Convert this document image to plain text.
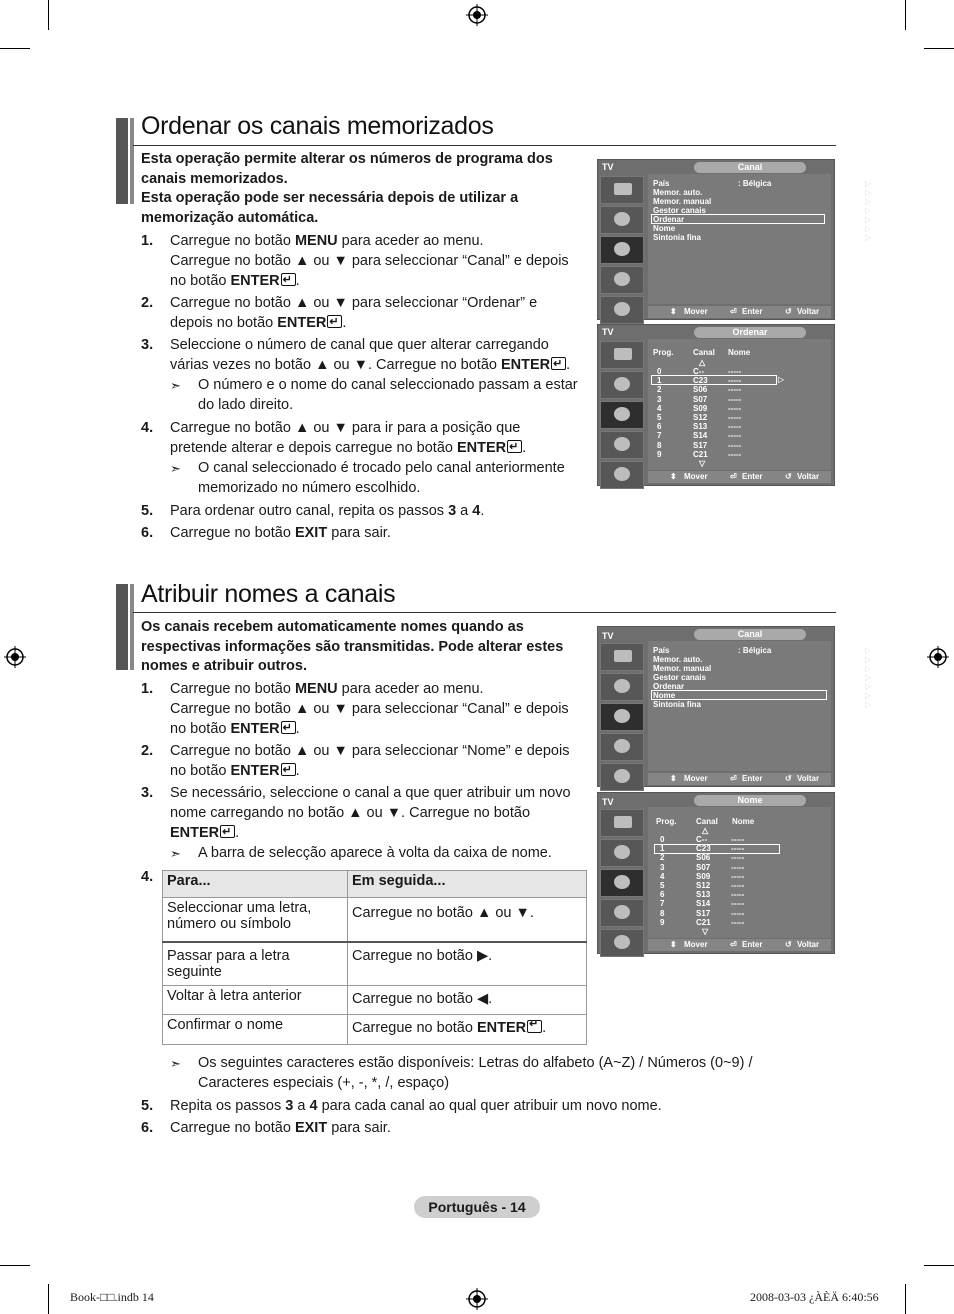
Ordenar os canais memorizados

Esta operação permite alterar os números de programa dos canais memorizados.

Esta operação pode ser necessária depois de utilizar a memorização automática.

1. Carregue no botão MENU para aceder ao menu.
Carregue no botão ▲ ou ▼ para seleccionar “Canal” e depois
no botão ENTER ↵ .
2. Carregue no botão ▲ ou ▼ para seleccionar “Ordenar” e
depois no botão ENTER ↵ .
3. Seleccione o número de canal que quer alterar carregando
várias vezes no botão ▲ ou ▼. Carregue no botão ENTER ↵ .
➣ O número e o nome do canal seleccionado passam a estar do lado direito.
4. Carregue no botão ▲ ou ▼ para ir para a posição que
pretende alterar e depois carregue no botão ENTER ↵ .
➣ O canal seleccionado é trocado pelo canal anteriormente memorizado no número escolhido.
5. Para ordenar outro canal, repita os passos 3 a 4.
6. Carregue no botão EXIT para sair.
TV	Canal
País	: Bélgica
Memor. auto.
Memor. manual
Gestor canais
Ordenar
Nome
Sintonia fina
▷
▷
▷
▷
▷
▷
▷
⬍ Mover	⏎ Enter	↺ Voltar
TV	Ordenar
Prog. Canal Nome
△
▽
▷
0	C--	-----
1	C23	-----
2	S06	-----
3	S07	-----
4	S09	-----
5	S12	-----
6	S13	-----
7	S14	-----
8	S17	-----
9	C21	-----
⬍ Mover	⏎ Enter	↺ Voltar
Atribuir nomes a canais

Os canais recebem automaticamente nomes quando as respectivas informações são transmitidas. Pode alterar estes nomes e atribuir outros.

1. Carregue no botão MENU para aceder ao menu.
Carregue no botão ▲ ou ▼ para seleccionar “Canal” e depois
no botão ENTER ↵ .
2. Carregue no botão ▲ ou ▼ para seleccionar “Nome” e depois
no botão ENTER ↵ .
3. Se necessário, seleccione o canal a que quer atribuir um novo
nome carregando no botão ▲ ou ▼. Carregue no botão
ENTER ↵ .
➣ A barra de selecção aparece à volta da caixa de nome.
4. Para...	Em seguida...
Seleccionar uma letra, número ou símbolo	Carregue no botão ▲ ou ▼.
Passar para a letra seguinte	Carregue no botão ▶.
Voltar à letra anterior	Carregue no botão ◀.
Confirmar o nome	Carregue no botão ENTER ↵ .
➣ Os seguintes caracteres estão disponíveis: Letras do alfabeto (A~Z) / Números (0~9) / Caracteres especiais (+, -, *, /, espaço)
5. Repita os passos 3 a 4 para cada canal ao qual quer atribuir um novo nome.
6. Carregue no botão EXIT para sair.
TV	Canal
País	: Bélgica
Memor. auto.
Memor. manual
Gestor canais
Ordenar
Nome
Sintonia fina
▷
▷
▷
▷
▷
▷
▷
⬍ Mover	⏎ Enter	↺ Voltar
TV	Nome
Prog. Canal Nome
△
▽
0	C--	-----
1	C23	-----
2	S06	-----
3	S07	-----
4	S09	-----
5	S12	-----
6	S13	-----
7	S14	-----
8	S17	-----
9	C21	-----
⬍ Mover	⏎ Enter	↺ Voltar
Português - 14
Book-□□.indb 14	2008-03-03 ¿ÀÈÄ 6:40:56
